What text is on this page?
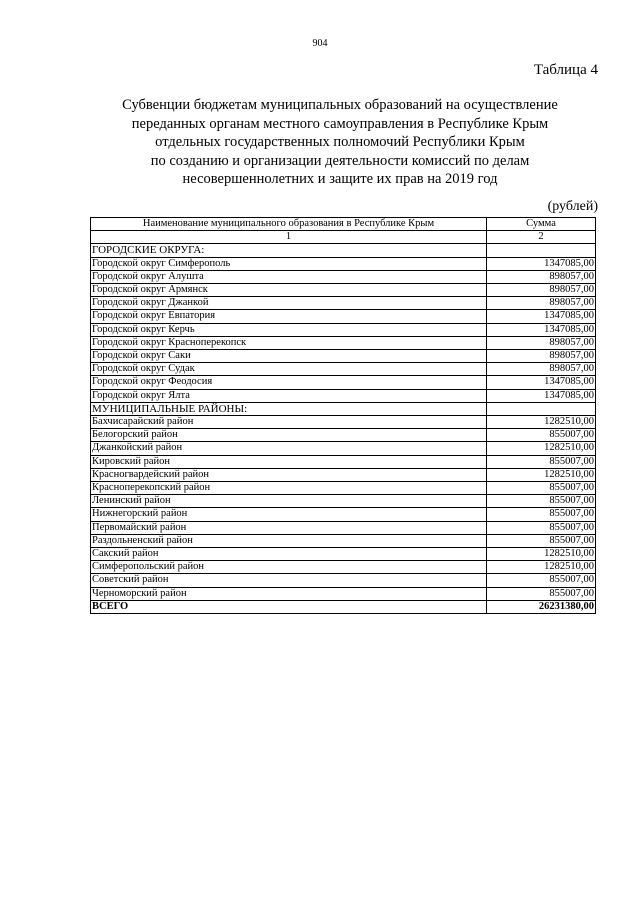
904
Таблица 4
Субвенции бюджетам муниципальных образований на осуществление
переданных органам местного самоуправления в Республике Крым
отдельных государственных полномочий Республики Крым
по созданию и организации деятельности комиссий по делам
несовершеннолетних и защите их прав на 2019 год
(рублей)
Наименование муниципального образования в Республике Крым	Сумма
1	2
ГОРОДСКИЕ ОКРУГА:	
Городской округ Симферополь	1347085,00
Городской округ Алушта	898057,00
Городской округ Армянск	898057,00
Городской округ Джанкой	898057,00
Городской округ Евпатория	1347085,00
Городской округ Керчь	1347085,00
Городской округ Красноперекопск	898057,00
Городской округ Саки	898057,00
Городской округ Судак	898057,00
Городской округ Феодосия	1347085,00
Городской округ Ялта	1347085,00
МУНИЦИПАЛЬНЫЕ РАЙОНЫ:	
Бахчисарайский район	1282510,00
Белогорский район	855007,00
Джанкойский район	1282510,00
Кировский район	855007,00
Красногвардейский район	1282510,00
Красноперекопский район	855007,00
Ленинский район	855007,00
Нижнегорский район	855007,00
Первомайский район	855007,00
Раздольненский район	855007,00
Сакский район	1282510,00
Симферопольский район	1282510,00
Советский район	855007,00
Черноморский район	855007,00
ВСЕГО	26231380,00
